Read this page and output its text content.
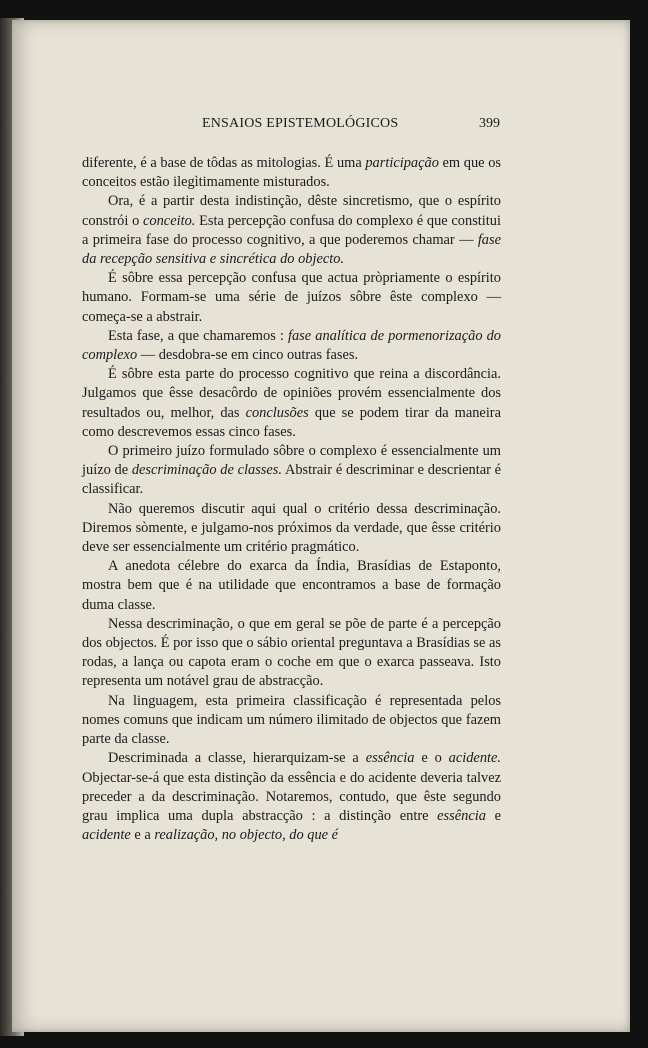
ENSAIOS EPISTEMOLÓGICOS	399

diferente, é a base de tôdas as mitologias. É uma participação em que os conceitos estão ilegìtimamente misturados.

Ora, é a partir desta indistinção, dêste sincretismo, que o espírito constrói o conceito. Esta percepção confusa do complexo é que constitui a primeira fase do processo cognitivo, a que poderemos chamar — fase da recepção sensitiva e sincrética do objecto.

É sôbre essa percepção confusa que actua pròpriamente o espírito humano. Formam-se uma série de juízos sôbre êste complexo — começa-se a abstrair.

Esta fase, a que chamaremos : fase analítica de pormenorização do complexo — desdobra-se em cinco outras fases.

É sôbre esta parte do processo cognitivo que reina a discordância. Julgamos que êsse desacôrdo de opiniões provém essencialmente dos resultados ou, melhor, das conclusões que se podem tirar da maneira como descrevemos essas cinco fases.

O primeiro juízo formulado sôbre o complexo é essencialmente um juízo de descriminação de classes. Abstrair é descriminar e descrientar é classificar.

Não queremos discutir aqui qual o critério dessa descriminação. Diremos sòmente, e julgamo-nos próximos da verdade, que êsse critério deve ser essencialmente um critério pragmático.

A anedota célebre do exarca da Índia, Brasídias de Estaponto, mostra bem que é na utilidade que encontramos a base de formação duma classe.

Nessa descriminação, o que em geral se põe de parte é a percepção dos objectos. É por isso que o sábio oriental preguntava a Brasídias se as rodas, a lança ou capota eram o coche em que o exarca passeava. Isto representa um notável grau de abstracção.

Na linguagem, esta primeira classificação é representada pelos nomes comuns que indicam um número ilimitado de objectos que fazem parte da classe.

Descriminada a classe, hierarquizam-se a essência e o acidente. Objectar-se-á que esta distinção da essência e do acidente deveria talvez preceder a da descriminação. Notaremos, contudo, que êste segundo grau implica uma dupla abstracção : a distinção entre essência e acidente e a realização, no objecto, do que é
